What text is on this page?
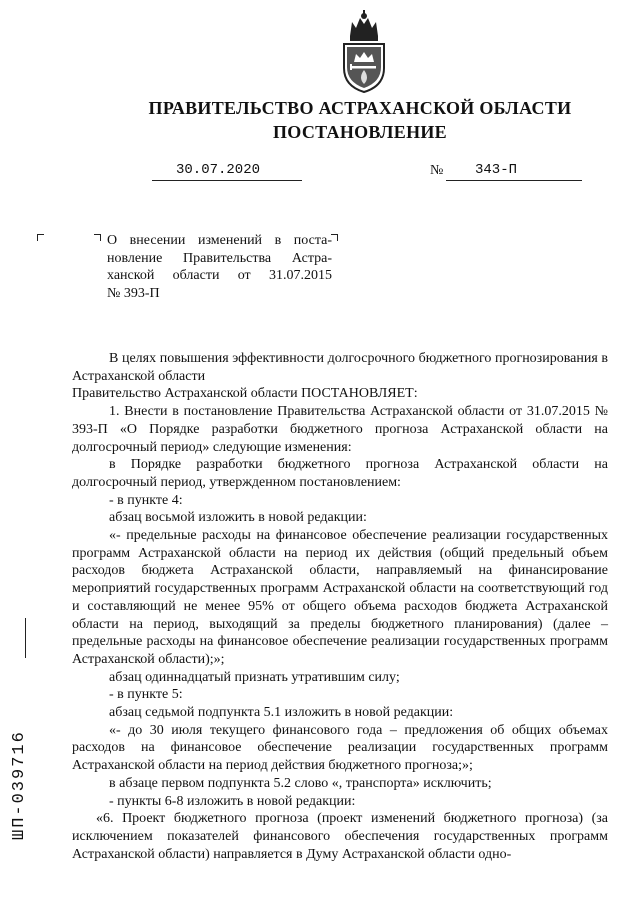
ПРАВИТЕЛЬСТВО АСТРАХАНСКОЙ ОБЛАСТИ
ПОСТАНОВЛЕНИЕ
30.07.2020	№ 343-П
О внесении изменений в поста-
новление Правительства Астра-
ханской области от 31.07.2015
№ 393-П

В целях повышения эффективности долгосрочного бюджетного прогнозирования в Астраханской области

Правительство Астраханской области ПОСТАНОВЛЯЕТ:

1. Внести в постановление Правительства Астраханской области от 31.07.2015 № 393-П «О Порядке разработки бюджетного прогноза Астраханской области на долгосрочный период» следующие изменения:

в Порядке разработки бюджетного прогноза Астраханской области на долгосрочный период, утвержденном постановлением:

- в пункте 4:

абзац восьмой изложить в новой редакции:

«- предельные расходы на финансовое обеспечение реализации государственных программ Астраханской области на период их действия (общий предельный объем расходов бюджета Астраханской области, направляемый на финансирование мероприятий государственных программ Астраханской области на соответствующий год и составляющий не менее 95% от общего объема расходов бюджета Астраханской области на период, выходящий за пределы бюджетного планирования) (далее – предельные расходы на финансовое обеспечение реализации государственных программ Астраханской области);»;

абзац одиннадцатый признать утратившим силу;

- в пункте 5:

абзац седьмой подпункта 5.1 изложить в новой редакции:

«- до 30 июля текущего финансового года – предложения об общих объемах расходов на финансовое обеспечение реализации государственных программ Астраханской области на период действия бюджетного прогноза;»;

в абзаце первом подпункта 5.2 слово «, транспорта» исключить;

- пункты 6-8 изложить в новой редакции:

«6. Проект бюджетного прогноза (проект изменений бюджетного прогноза) (за исключением показателей финансового обеспечения государственных программ Астраханской области) направляется в Думу Астраханской области одно-

ШП-039716
